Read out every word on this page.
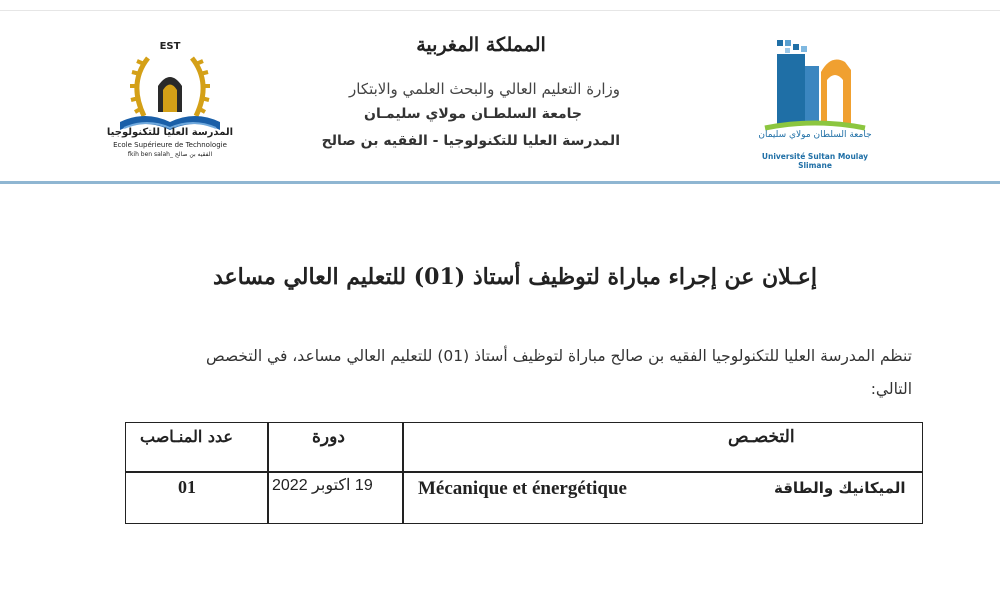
EST
المدرسة العليا للتكنولوجيا
Ecole Supérieure de Technologie
fkih ben salah_ الفقيه بن صالح
جامعة السلطان مولاي سليمان
Université Sultan Moulay Slimane
المملكة المغربية
وزارة التعليم العالي والبحث العلمي والابتكار
جامعة السلطـان مولاي سليمـان
المدرسة العليا للتكنولوجيا - الفقيه بن صالح
إعـلان عن إجراء مباراة لتوظيف أستاذ (01) للتعليم العالي مساعد
تنظم المدرسة العليا للتكنولوجيا الفقيه بن صالح مباراة لتوظيف أستاذ (01) للتعليم العالي مساعد، في التخصص
التالي:
التخصـص
دورة
عدد المنـاصب
الميكانيك والطاقة
Mécanique et énergétique
19 اكتوبر 2022
01
